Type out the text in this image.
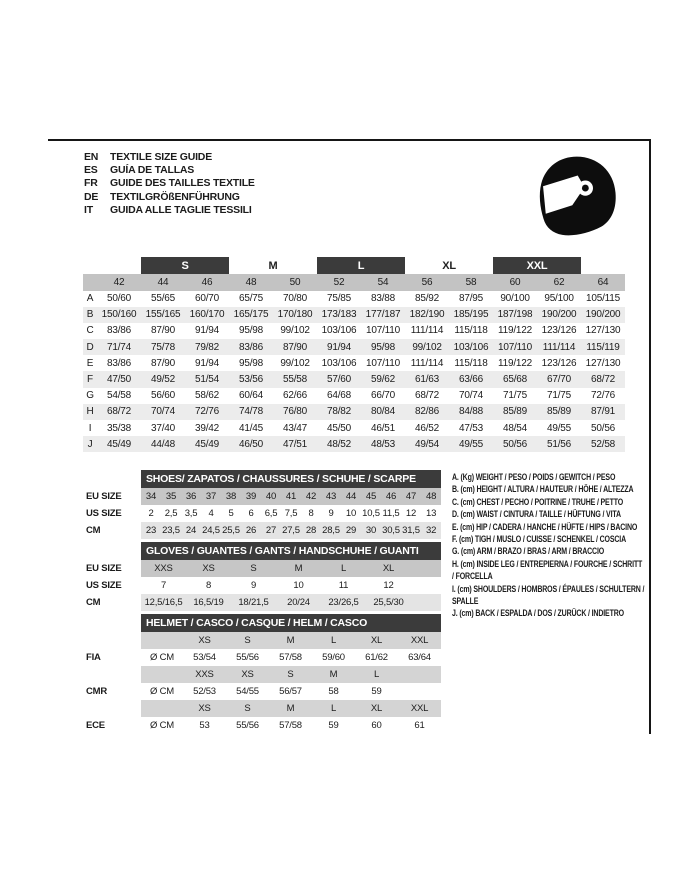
EN	TEXTILE SIZE GUIDE
ES	GUÍA DE TALLAS
FR	GUIDE DES TAILLES TEXTILE
DE	TEXTILGRÖßENFÜHRUNG
IT	GUIDA ALLE TAGLIE TESSILI
		S		M		L		XL		XXL		
	42	44	46	48	50	52	54	56	58	60	62	64
A	50/60	55/65	60/70	65/75	70/80	75/85	83/88	85/92	87/95	90/100	95/100	105/115
B	150/160	155/165	160/170	165/175	170/180	173/183	177/187	182/190	185/195	187/198	190/200	190/200
C	83/86	87/90	91/94	95/98	99/102	103/106	107/110	111/114	115/118	119/122	123/126	127/130
D	71/74	75/78	79/82	83/86	87/90	91/94	95/98	99/102	103/106	107/110	111/114	115/119
E	83/86	87/90	91/94	95/98	99/102	103/106	107/110	111/114	115/118	119/122	123/126	127/130
F	47/50	49/52	51/54	53/56	55/58	57/60	59/62	61/63	63/66	65/68	67/70	68/72
G	54/58	56/60	58/62	60/64	62/66	64/68	66/70	68/72	70/74	71/75	71/75	72/76
H	68/72	70/74	72/76	74/78	76/80	78/82	80/84	82/86	84/88	85/89	85/89	87/91
I	35/38	37/40	39/42	41/45	43/47	45/50	46/51	46/52	47/53	48/54	49/55	50/56
J	45/49	44/48	45/49	46/50	47/51	48/52	48/53	49/54	49/55	50/56	51/56	52/58
	SHOES/ ZAPATOS / CHAUSSURES / SCHUHE / SCARPE														
EU SIZE	34	35	36	37	38	39	40	41	42	43	44	45	46	47	48
US SIZE	2	2,5	3,5	4	5	6	6,5	7,5	8	9	10	10,5	11,5	12	13
CM	23	23,5	24	24,5	25,5	26	27	27,5	28	28,5	29	30	30,5	31,5	32
	GLOVES / GUANTES / GANTS / HANDSCHUHE / GUANTI						
EU SIZE	XXS	XS	S	M	L	XL	
US SIZE	7	8	9	10	11	12	
CM	12,5/16,5	16,5/19	18/21,5	20/24	23/26,5	25,5/30	
	HELMET / CASCO / CASQUE / HELM / CASCO						
		XS	S	M	L	XL	XXL
FIA	Ø CM	53/54	55/56	57/58	59/60	61/62	63/64
		XXS	XS	S	M	L	
CMR	Ø CM	52/53	54/55	56/57	58	59	
		XS	S	M	L	XL	XXL
ECE	Ø CM	53	55/56	57/58	59	60	61

A. (Kg) WEIGHT / PESO / POIDS / GEWITCH / PESO

B. (cm) HEIGHT / ALTURA / HAUTEUR / HÖHE / ALTEZZA

C. (cm) CHEST / PECHO / POITRINE / TRUHE / PETTO

D. (cm) WAIST / CINTURA / TAILLE / HÜFTUNG / VITA

E. (cm) HIP / CADERA / HANCHE / HÜFTE / HIPS / BACINO

F. (cm) TIGH / MUSLO / CUISSE / SCHENKEL / COSCIA

G. (cm) ARM / BRAZO / BRAS / ARM / BRACCIO

H. (cm) INSIDE LEG / ENTREPIERNA / FOURCHE / SCHRITT / FORCELLA

I. (cm) SHOULDERS / HOMBROS / ÉPAULES / SCHULTERN / SPALLE

J. (cm) BACK / ESPALDA / DOS / ZURÜCK / INDIETRO
